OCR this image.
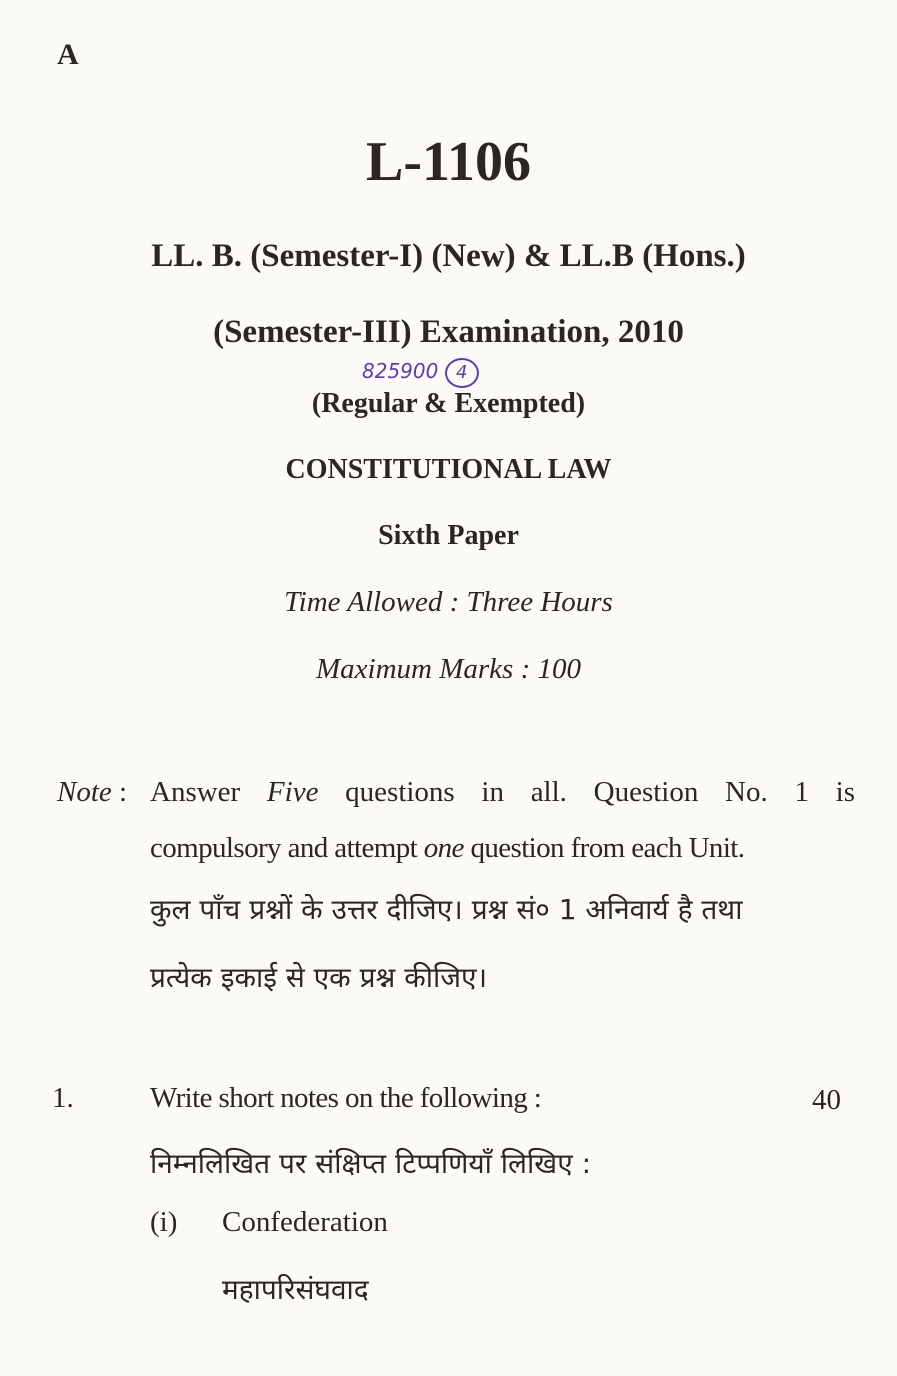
A
L-1106
LL. B. (Semester-I) (New) & LL.B (Hons.)
(Semester-III) Examination, 2010
825900 4
(Regular & Exempted)
CONSTITUTIONAL LAW
Sixth Paper
Time Allowed : Three Hours
Maximum Marks : 100
Note : Answer Five questions in all. Question No. 1 is
compulsory and attempt one question from each Unit.
कुल पाँच प्रश्नों के उत्तर दीजिए। प्रश्न सं० 1 अनिवार्य है तथा
प्रत्येक इकाई से एक प्रश्न कीजिए।
1.	Write short notes on the following :	40
निम्नलिखित पर संक्षिप्त टिप्पणियाँ लिखिए :
(i) Confederation
महापरिसंघवाद
